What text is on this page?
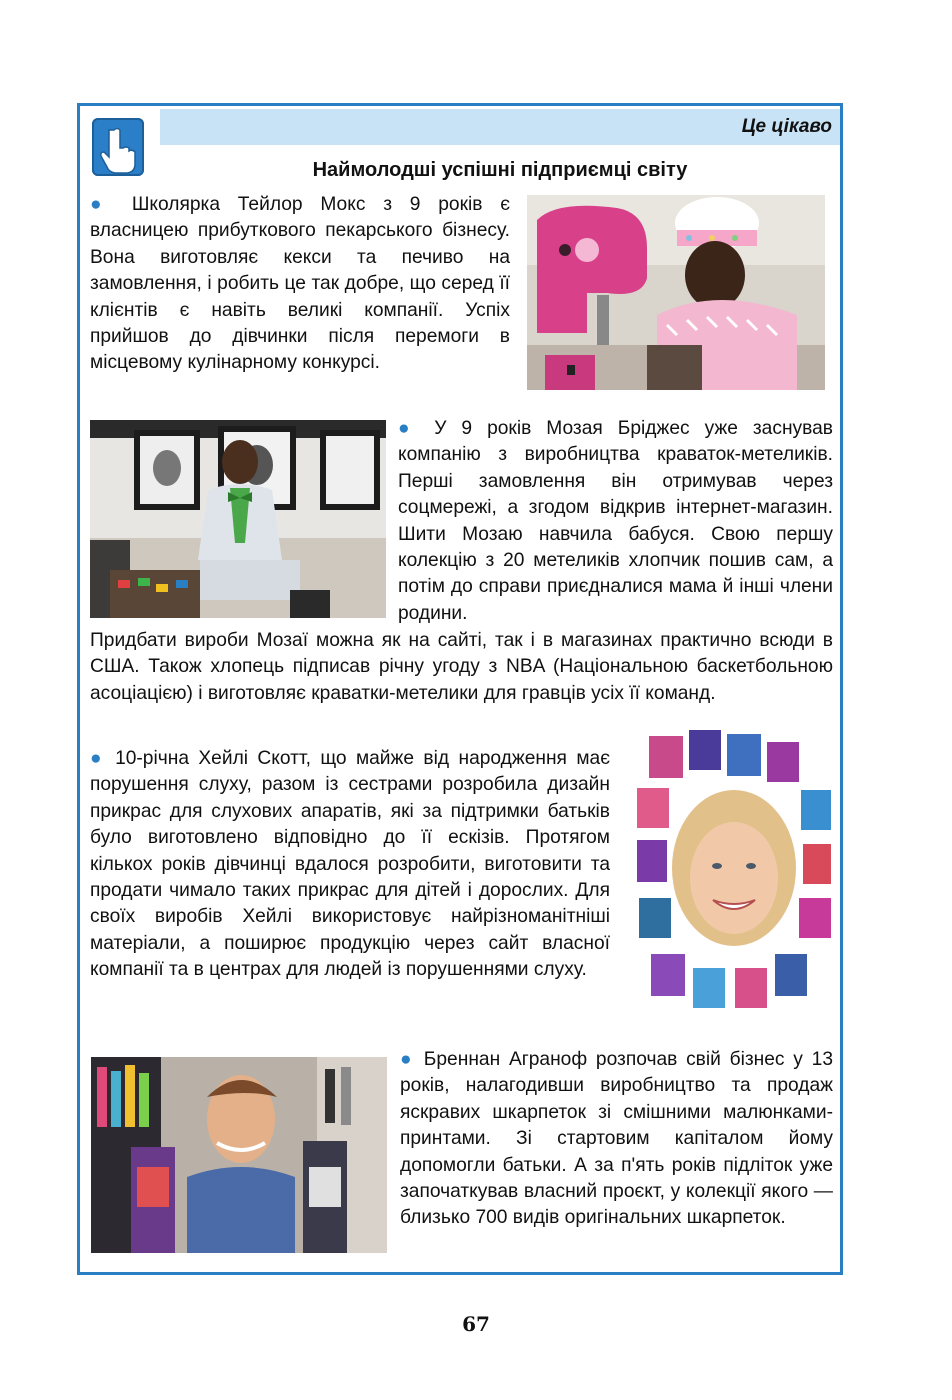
Це цікаво
Наймолодші успішні підприємці світу

● Школярка Тейлор Мокс з 9 років є власницею прибуткового пекарського бізнесу. Вона виготовляє кекси та печиво на замовлення, і робить це так добре, що серед її клієнтів є навіть великі компанії. Успіх прийшов до дівчинки після перемоги в місцевому кулінарному конкурсі.

● У 9 років Мозая Бріджес уже заснував компанію з виробництва краваток-метеликів. Перші замовлення він отримував через соцмережі, а згодом відкрив інтернет-магазин. Шити Мозаю навчила бабуся. Свою першу колекцію з 20 метеликів хлопчик пошив сам, а потім до справи приєдналися мама й інші члени родини.

Придбати вироби Мозаї можна як на сайті, так і в магазинах практично всюди в США. Також хлопець підписав річну угоду з NBA (Національною баскетбольною асоціацією) і виготовляє краватки-метелики для гравців усіх її команд.

● 10-річна Хейлі Скотт, що майже від народження має порушення слуху, разом із сестрами розробила дизайн прикрас для слухових апаратів, які за підтримки батьків було виготовлено відповідно до її ескізів. Протягом кількох років дівчинці вдалося розробити, виготовити та продати чимало таких прикрас для дітей і дорослих. Для своїх виробів Хейлі використовує найрізноманітніші матеріали, а поширює продукцію через сайт власної компанії та в центрах для людей із порушеннями слуху.

● Бреннан Аграноф розпочав свій бізнес у 13 років, налагодивши виробництво та продаж яскравих шкарпеток зі смішними малюнками-принтами. Зі стартовим капіталом йому допомогли батьки. А за п'ять років підліток уже започаткував власний проєкт, у колекції якого — близько 700 видів оригінальних шкарпеток.

67
